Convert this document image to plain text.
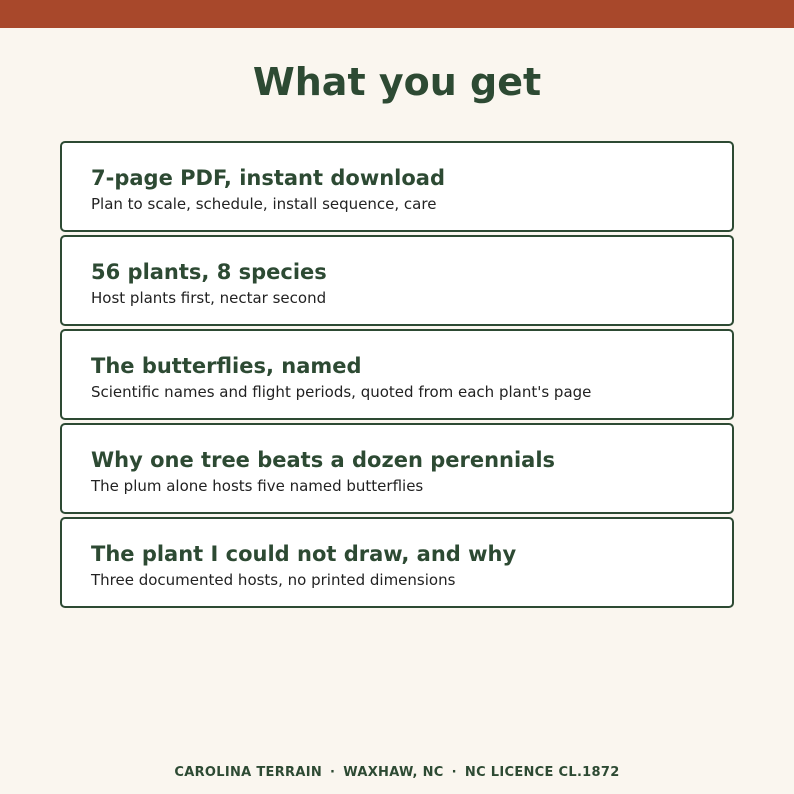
What you get
7-page PDF, instant download
Plan to scale, schedule, install sequence, care
56 plants, 8 species
Host plants first, nectar second
The butterflies, named
Scientific names and flight periods, quoted from each plant's page
Why one tree beats a dozen perennials
The plum alone hosts five named butterflies
The plant I could not draw, and why
Three documented hosts, no printed dimensions
CAROLINA TERRAIN · WAXHAW, NC · NC LICENCE CL.1872
